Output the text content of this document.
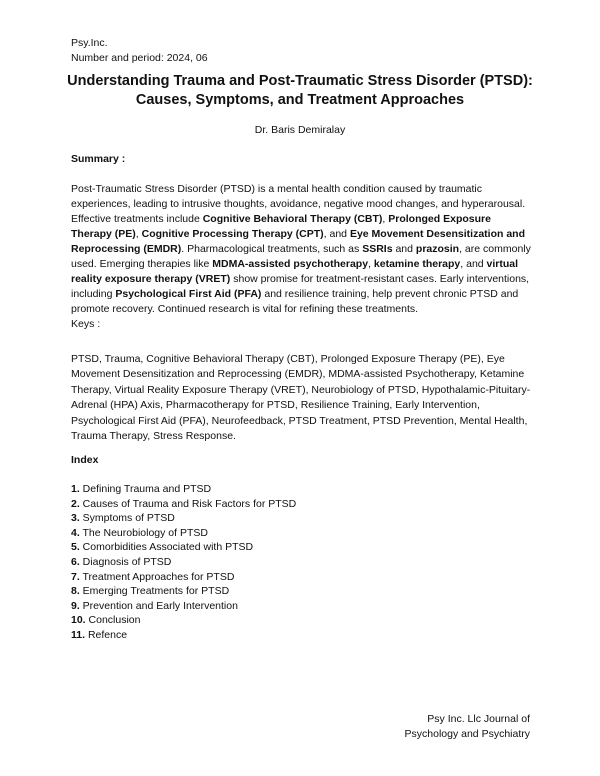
Psy.Inc.
Number and period: 2024, 06
Understanding Trauma and Post-Traumatic Stress Disorder (PTSD): Causes, Symptoms, and Treatment Approaches
Dr. Baris Demiralay
Summary :
Post-Traumatic Stress Disorder (PTSD) is a mental health condition caused by traumatic experiences, leading to intrusive thoughts, avoidance, negative mood changes, and hyperarousal. Effective treatments include Cognitive Behavioral Therapy (CBT), Prolonged Exposure Therapy (PE), Cognitive Processing Therapy (CPT), and Eye Movement Desensitization and Reprocessing (EMDR). Pharmacological treatments, such as SSRIs and prazosin, are commonly used. Emerging therapies like MDMA-assisted psychotherapy, ketamine therapy, and virtual reality exposure therapy (VRET) show promise for treatment-resistant cases. Early interventions, including Psychological First Aid (PFA) and resilience training, help prevent chronic PTSD and promote recovery. Continued research is vital for refining these treatments.
Keys :
PTSD, Trauma, Cognitive Behavioral Therapy (CBT), Prolonged Exposure Therapy (PE), Eye Movement Desensitization and Reprocessing (EMDR), MDMA-assisted Psychotherapy, Ketamine Therapy, Virtual Reality Exposure Therapy (VRET), Neurobiology of PTSD, Hypothalamic-Pituitary-Adrenal (HPA) Axis, Pharmacotherapy for PTSD, Resilience Training, Early Intervention, Psychological First Aid (PFA), Neurofeedback, PTSD Treatment, PTSD Prevention, Mental Health, Trauma Therapy, Stress Response.
Index
1. Defining Trauma and PTSD
2. Causes of Trauma and Risk Factors for PTSD
3. Symptoms of PTSD
4. The Neurobiology of PTSD
5. Comorbidities Associated with PTSD
6. Diagnosis of PTSD
7. Treatment Approaches for PTSD
8. Emerging Treatments for PTSD
9. Prevention and Early Intervention
10. Conclusion
11. Refence
Psy Inc. Llc Journal of
Psychology and Psychiatry
